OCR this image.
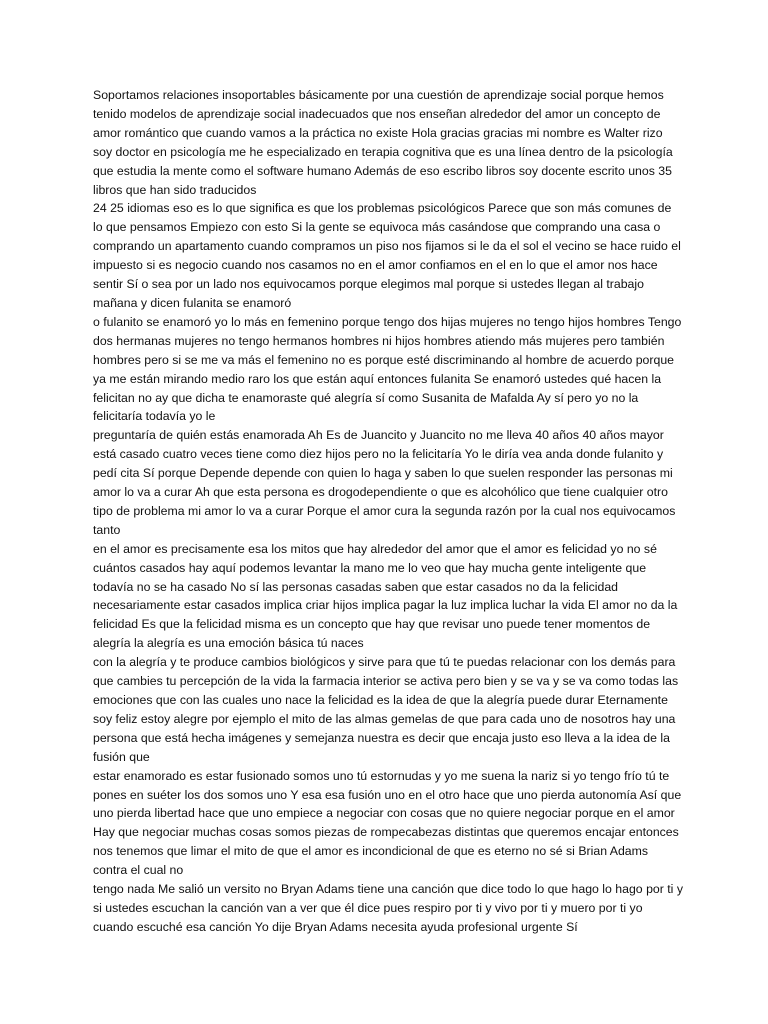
Soportamos relaciones insoportables básicamente por una cuestión de aprendizaje social porque hemos tenido modelos de aprendizaje social inadecuados que nos enseñan alrededor del amor un concepto de amor romántico que cuando vamos a la práctica no existe Hola gracias gracias mi nombre es Walter rizo soy doctor en psicología me he especializado en terapia cognitiva que es una línea dentro de la psicología que estudia la mente como el software humano Además de eso escribo libros soy docente escrito unos 35 libros que han sido traducidos

24 25 idiomas eso es lo que significa es que los problemas psicológicos Parece que son más comunes de lo que pensamos Empiezo con esto Si la gente se equivoca más casándose que comprando una casa o comprando un apartamento cuando compramos un piso nos fijamos si le da el sol el vecino se hace ruido el impuesto si es negocio cuando nos casamos no en el amor confiamos en el en lo que el amor nos hace sentir Sí o sea por un lado nos equivocamos porque elegimos mal porque si ustedes llegan al trabajo mañana y dicen fulanita se enamoró

o fulanito se enamoró yo lo más en femenino porque tengo dos hijas mujeres no tengo hijos hombres Tengo dos hermanas mujeres no tengo hermanos hombres ni hijos hombres atiendo más mujeres pero también hombres pero si se me va más el femenino no es porque esté discriminando al hombre de acuerdo porque ya me están mirando medio raro los que están aquí entonces fulanita Se enamoró ustedes qué hacen la felicitan no ay que dicha te enamoraste qué alegría sí como Susanita de Mafalda Ay sí pero yo no la felicitaría todavía yo le

preguntaría de quién estás enamorada Ah Es de Juancito y Juancito no me lleva 40 años 40 años mayor está casado cuatro veces tiene como diez hijos pero no la felicitaría Yo le diría vea anda donde fulanito y pedí cita Sí porque Depende depende con quien lo haga y saben lo que suelen responder las personas mi amor lo va a curar Ah que esta persona es drogodependiente o que es alcohólico que tiene cualquier otro tipo de problema mi amor lo va a curar Porque el amor cura la segunda razón por la cual nos equivocamos tanto

en el amor es precisamente esa los mitos que hay alrededor del amor que el amor es felicidad yo no sé cuántos casados hay aquí podemos levantar la mano me lo veo que hay mucha gente inteligente que todavía no se ha casado No sí las personas casadas saben que estar casados no da la felicidad necesariamente estar casados implica criar hijos implica pagar la luz implica luchar la vida El amor no da la felicidad Es que la felicidad misma es un concepto que hay que revisar uno puede tener momentos de alegría la alegría es una emoción básica tú naces

con la alegría y te produce cambios biológicos y sirve para que tú te puedas relacionar con los demás para que cambies tu percepción de la vida la farmacia interior se activa pero bien y se va y se va como todas las emociones que con las cuales uno nace la felicidad es la idea de que la alegría puede durar Eternamente soy feliz estoy alegre por ejemplo el mito de las almas gemelas de que para cada uno de nosotros hay una persona que está hecha imágenes y semejanza nuestra es decir que encaja justo eso lleva a la idea de la fusión que

estar enamorado es estar fusionado somos uno tú estornudas y yo me suena la nariz si yo tengo frío tú te pones en suéter los dos somos uno Y esa esa fusión uno en el otro hace que uno pierda autonomía Así que uno pierda libertad hace que uno empiece a negociar con cosas que no quiere negociar porque en el amor Hay que negociar muchas cosas somos piezas de rompecabezas distintas que queremos encajar entonces nos tenemos que limar el mito de que el amor es incondicional de que es eterno no sé si Brian Adams contra el cual no

tengo nada Me salió un versito no Bryan Adams tiene una canción que dice todo lo que hago lo hago por ti y si ustedes escuchan la canción van a ver que él dice pues respiro por ti y vivo por ti y muero por ti yo cuando escuché esa canción Yo dije Bryan Adams necesita ayuda profesional urgente Sí
